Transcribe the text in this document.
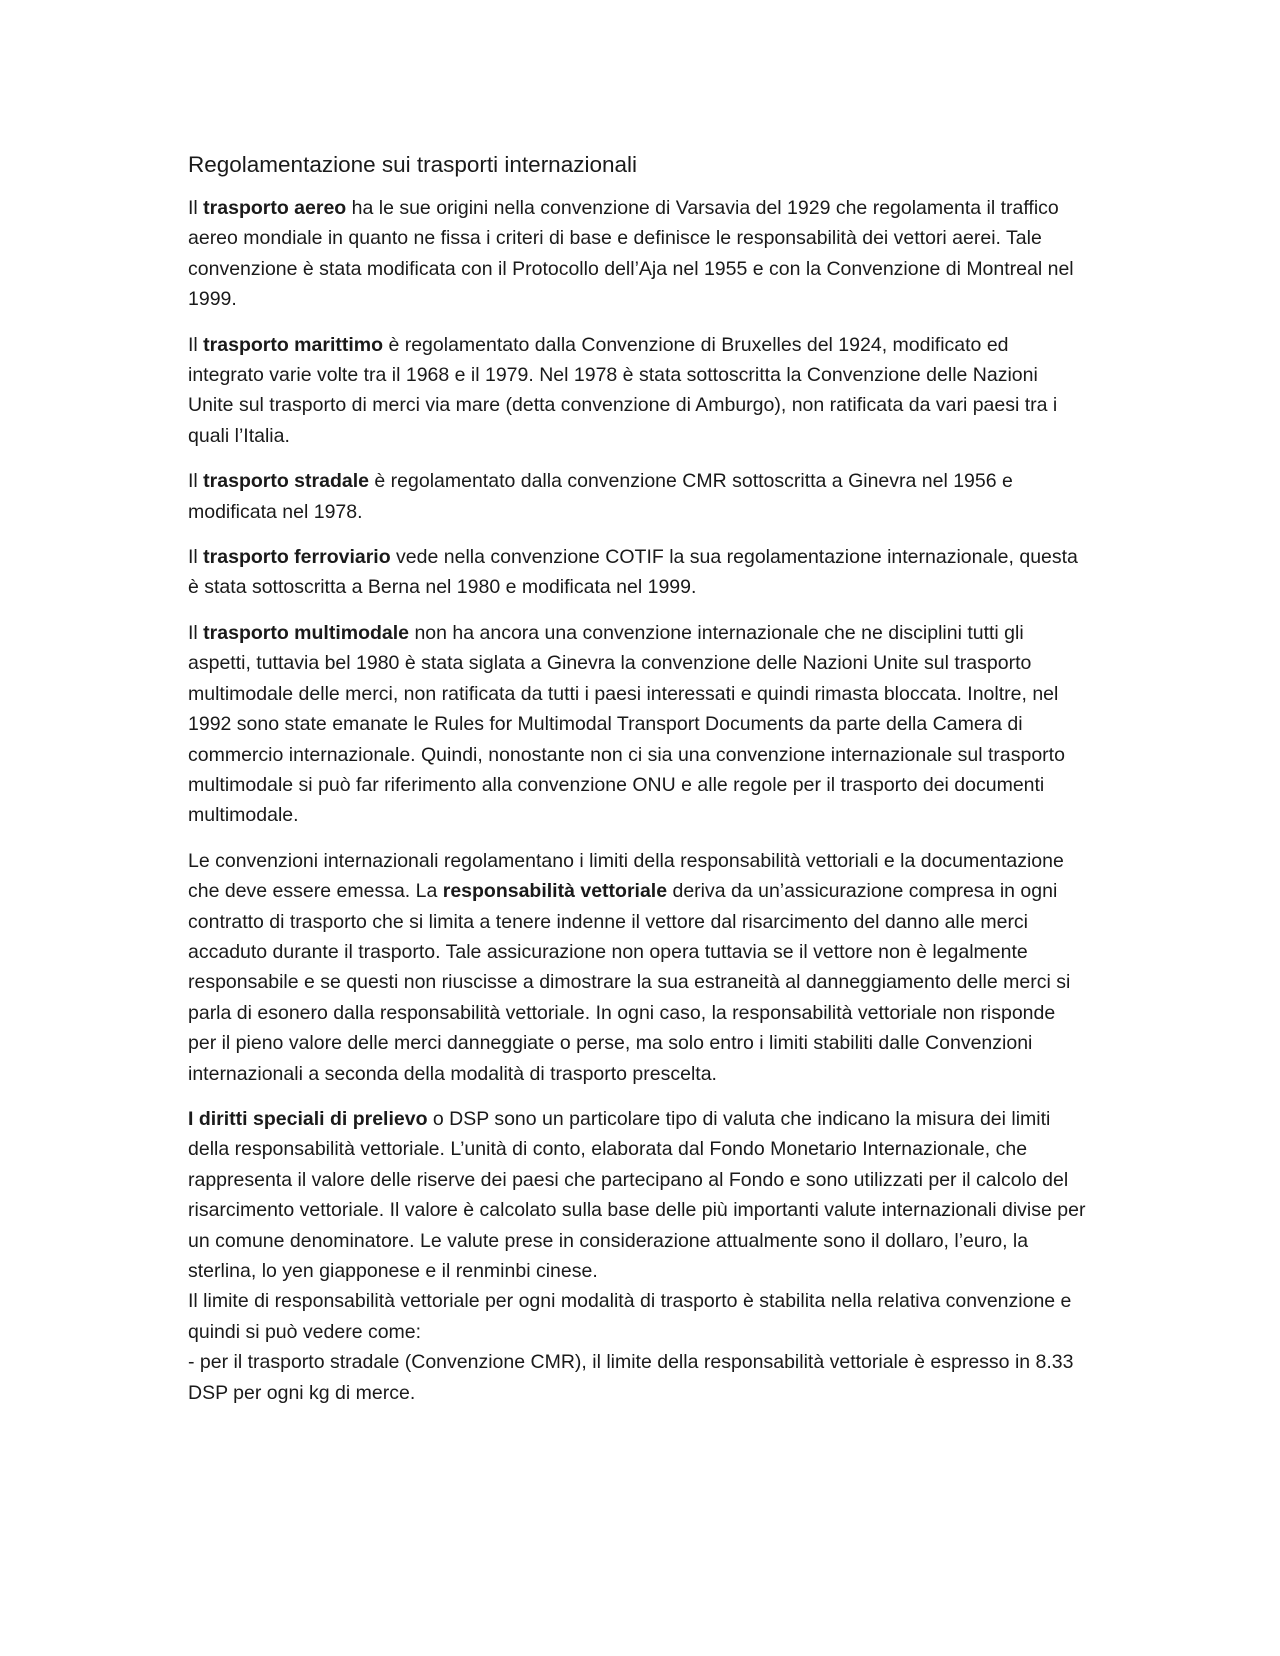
Regolamentazione sui trasporti internazionali

Il trasporto aereo ha le sue origini nella convenzione di Varsavia del 1929 che regolamenta il traffico aereo mondiale in quanto ne fissa i criteri di base e definisce le responsabilità dei vettori aerei. Tale convenzione è stata modificata con il Protocollo dell’Aja nel 1955 e con la Convenzione di Montreal nel 1999.

Il trasporto marittimo è regolamentato dalla Convenzione di Bruxelles del 1924, modificato ed integrato varie volte tra il 1968 e il 1979. Nel 1978 è stata sottoscritta la Convenzione delle Nazioni Unite sul trasporto di merci via mare (detta convenzione di Amburgo), non ratificata da vari paesi tra i quali l’Italia.

Il trasporto stradale è regolamentato dalla convenzione CMR sottoscritta a Ginevra nel 1956 e modificata nel 1978.

Il trasporto ferroviario vede nella convenzione COTIF la sua regolamentazione internazionale, questa è stata sottoscritta a Berna nel 1980 e modificata nel 1999.

Il trasporto multimodale non ha ancora una convenzione internazionale che ne disciplini tutti gli aspetti, tuttavia bel 1980 è stata siglata a Ginevra la convenzione delle Nazioni Unite sul trasporto multimodale delle merci, non ratificata da tutti i paesi interessati e quindi rimasta bloccata. Inoltre, nel 1992 sono state emanate le Rules for Multimodal Transport Documents da parte della Camera di commercio internazionale. Quindi, nonostante non ci sia una convenzione internazionale sul trasporto multimodale si può far riferimento alla convenzione ONU e alle regole per il trasporto dei documenti multimodale.

Le convenzioni internazionali regolamentano i limiti della responsabilità vettoriali e la documentazione che deve essere emessa. La responsabilità vettoriale deriva da un’assicurazione compresa in ogni contratto di trasporto che si limita a tenere indenne il vettore dal risarcimento del danno alle merci accaduto durante il trasporto. Tale assicurazione non opera tuttavia se il vettore non è legalmente responsabile e se questi non riuscisse a dimostrare la sua estraneità al danneggiamento delle merci si parla di esonero dalla responsabilità vettoriale. In ogni caso, la responsabilità vettoriale non risponde per il pieno valore delle merci danneggiate o perse, ma solo entro i limiti stabiliti dalle Convenzioni internazionali a seconda della modalità di trasporto prescelta.

I diritti speciali di prelievo o DSP sono un particolare tipo di valuta che indicano la misura dei limiti della responsabilità vettoriale. L’unità di conto, elaborata dal Fondo Monetario Internazionale, che rappresenta il valore delle riserve dei paesi che partecipano al Fondo e sono utilizzati per il calcolo del risarcimento vettoriale. Il valore è calcolato sulla base delle più importanti valute internazionali divise per un comune denominatore. Le valute prese in considerazione attualmente sono il dollaro, l’euro, la sterlina, lo yen giapponese e il renminbi cinese.

Il limite di responsabilità vettoriale per ogni modalità di trasporto è stabilita nella relativa convenzione e quindi si può vedere come:

- per il trasporto stradale (Convenzione CMR), il limite della responsabilità vettoriale è espresso in 8.33 DSP per ogni kg di merce.
